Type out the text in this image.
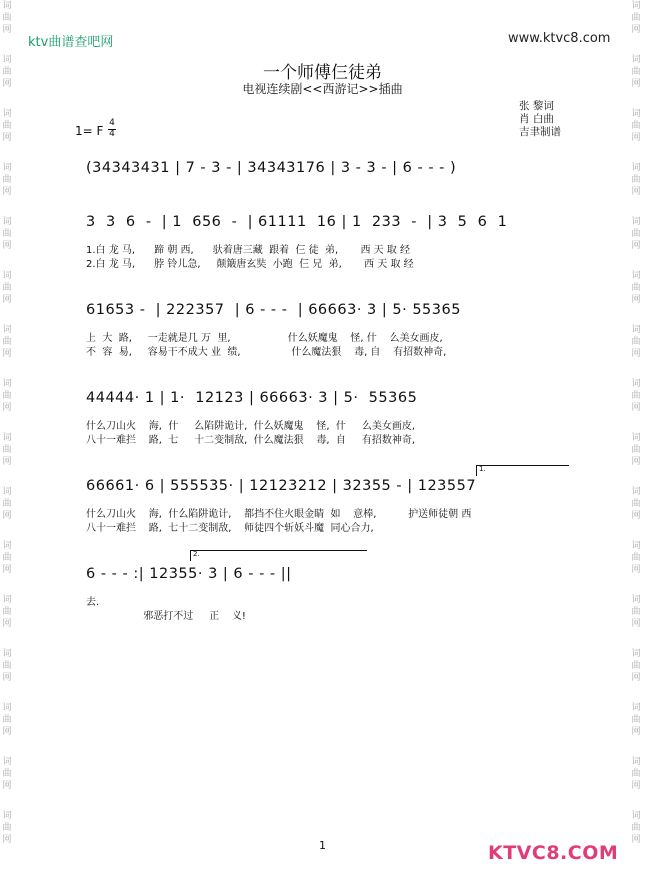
词
曲
网
词
曲
网
词
曲
网
词
曲
网
词
曲
网
词
曲
网
词
曲
网
词
曲
网
词
曲
网
词
曲
网
词
曲
网
词
曲
网
词
曲
网
词
曲
网
词
曲
网
词
曲
网
词
曲
网
词
曲
网
词
曲
网
词
曲
网
词
曲
网
词
曲
网
词
曲
网
词
曲
网
词
曲
网
词
曲
网
词
曲
网
词
曲
网
词
曲
网
词
曲
网
词
曲
网
词
曲
网
ktv曲谱查吧网	www.ktvc8.com
一个师傅仨徒弟
电视连续剧<<西游记>>插曲
张 黎词
肖 白曲
吉聿制谱
1= F
4
4
(34343431 | 7 - 3 - | 34343176 | 3 - 3 - | 6 - - - )
3  3  6  -  | 1  656  -  | 61111  16 | 1  233  -  | 3  5  6  1
1.白 龙 马,      蹄 朝 西,      驮着唐三藏  跟着  仨 徒  弟,       西 天 取 经
2.白 龙 马,      脖 铃儿急,     颠簸唐玄奘  小跑  仨 兄  弟,       西 天 取 经
61653 -  | 222357  | 6 - - -  | 66663· 3 | 5· 55365
上  大  路,     一走就是几 万  里,                  什么妖魔鬼    怪, 什    么美女画皮,
不  容  易,     容易干不成大 业  绩,                什么魔法狠    毒, 自    有招数神奇,
44444· 1 | 1·  12123 | 66663· 3 | 5·  55365
什么刀山火    海,  什     么陷阱诡计,  什么妖魔鬼    怪,  什     么美女画皮,
八十一难拦    路,  七     十二变制敌,  什么魔法狠    毒,  自     有招数神奇,
1.
66661· 6 | 555535· | 12123212 | 32355 - | 123557
什么刀山火    海,  什么陷阱诡计,    都挡不住火眼金睛  如    意棒,          护送师徒朝 西
八十一难拦    路,  七十二变制敌,    师徒四个斩妖斗魔  同心合力,
2.
6 - - - :| 12355· 3 | 6 - - - ||
去.
邪恶打不过     正    义!
1	KTVC8.COM
